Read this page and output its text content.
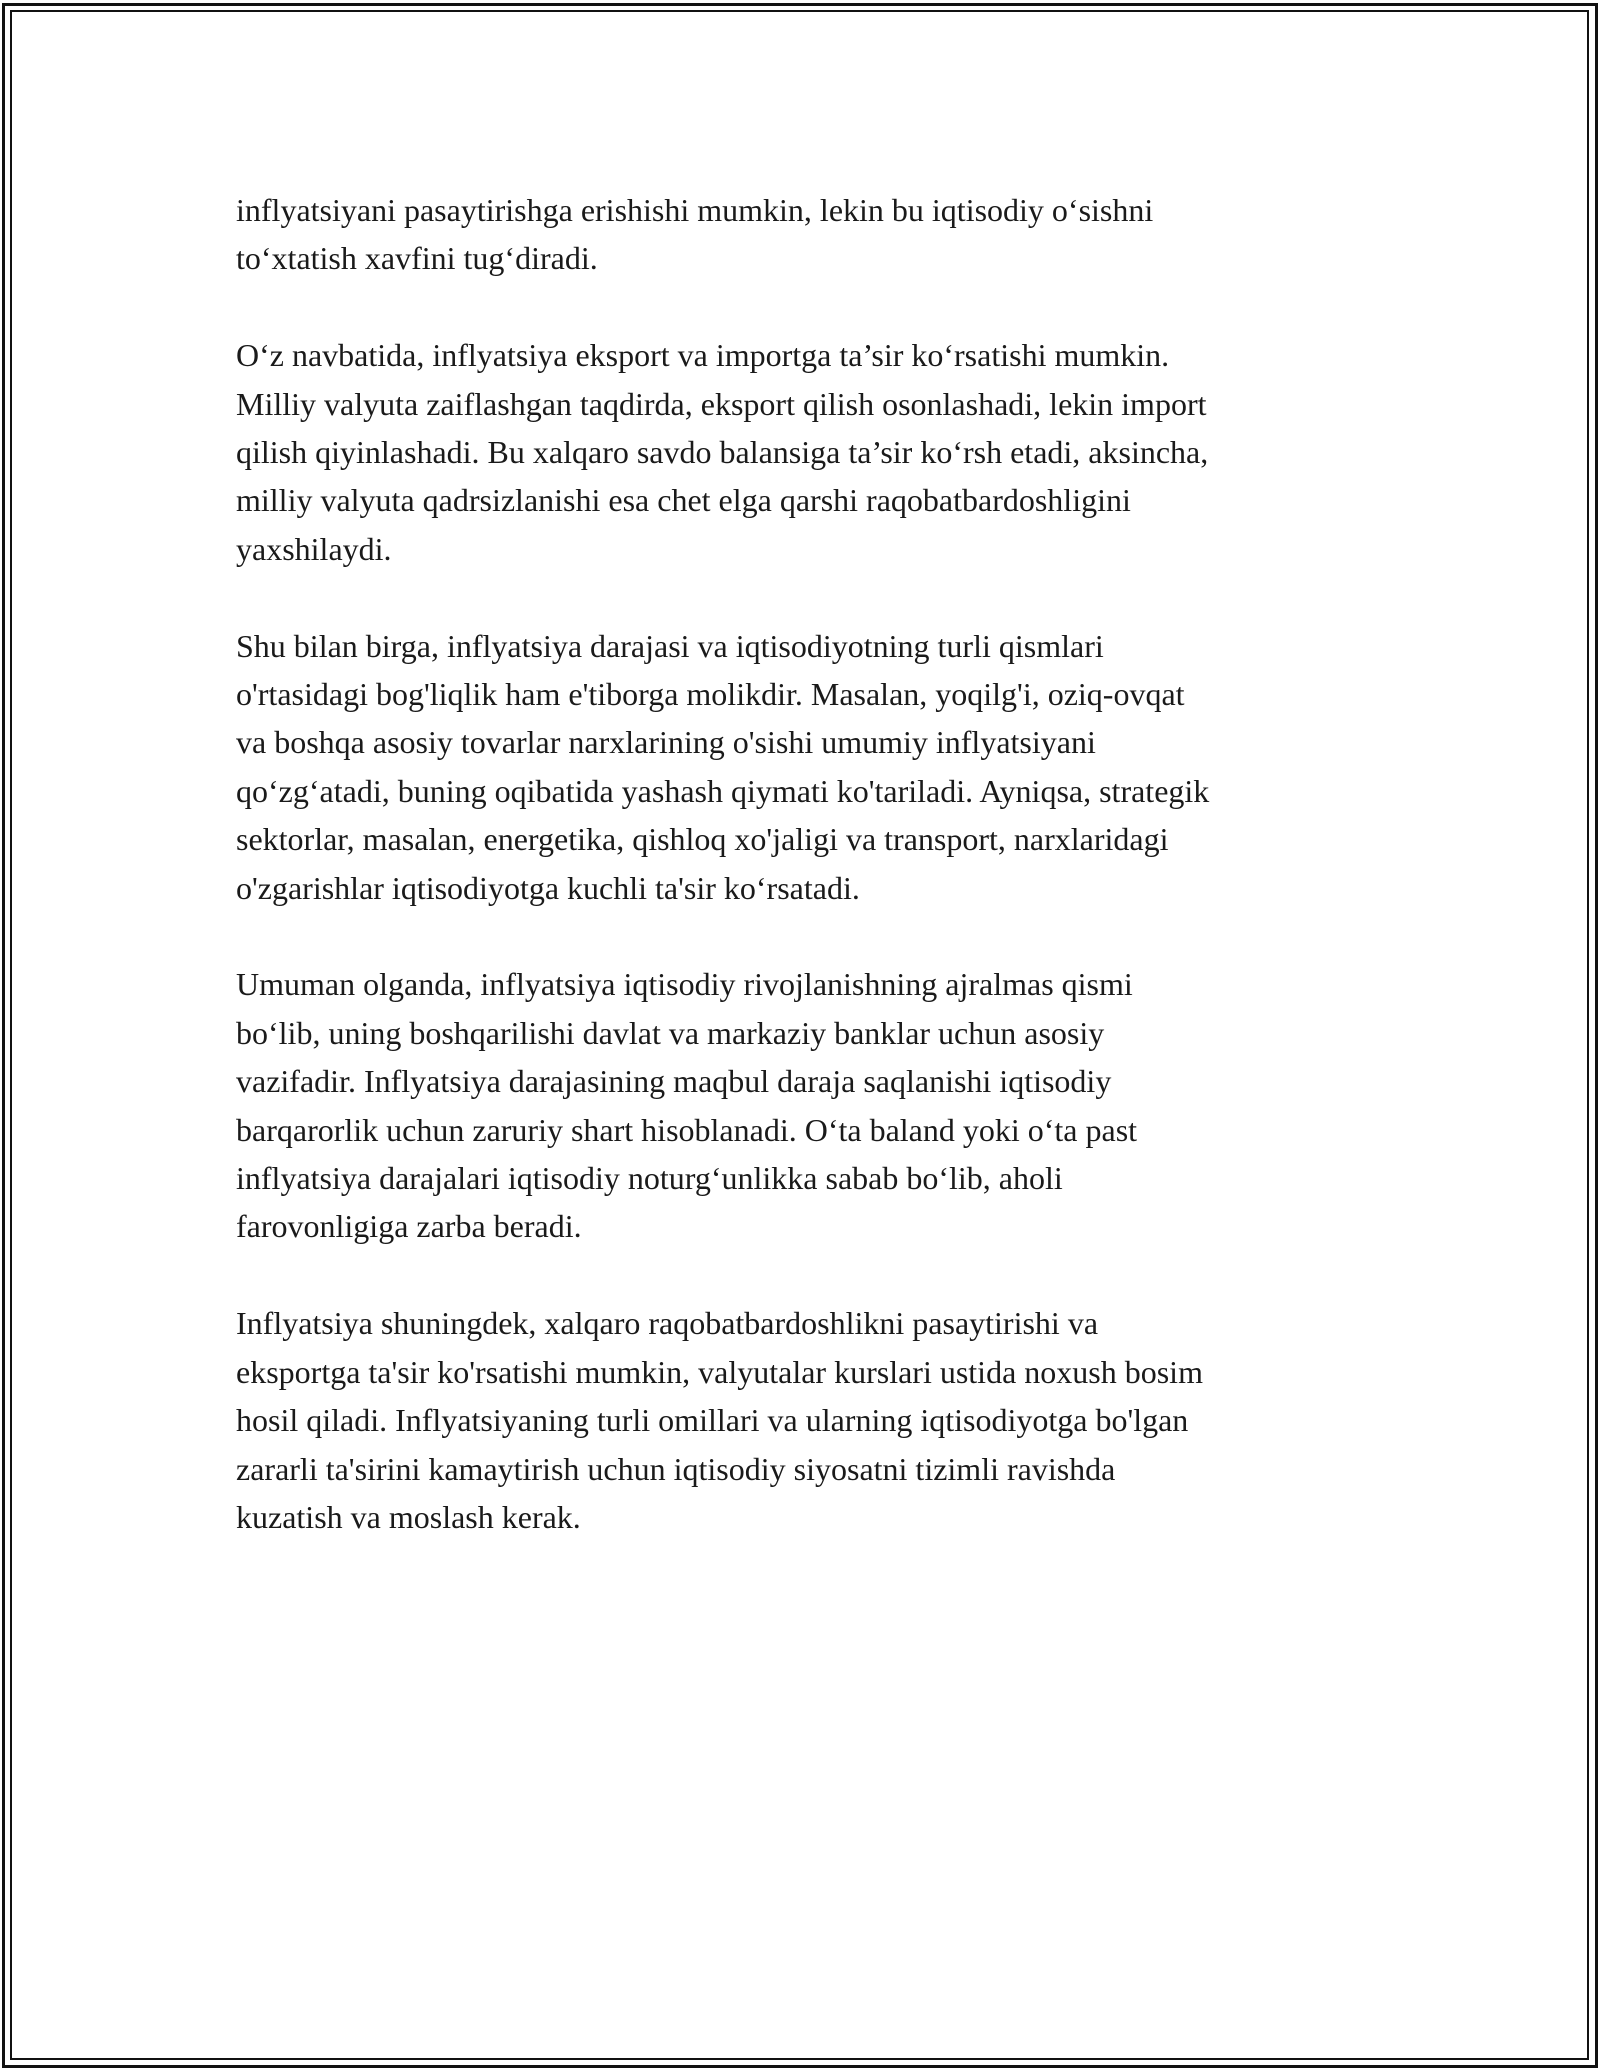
inflyatsiyani pasaytirishga erishishi mumkin, lekin bu iqtisodiy o‘sishni
to‘xtatish xavfini tug‘diradi.

O‘z navbatida, inflyatsiya eksport va importga ta’sir ko‘rsatishi mumkin.
Milliy valyuta zaiflashgan taqdirda, eksport qilish osonlashadi, lekin import
qilish qiyinlashadi. Bu xalqaro savdo balansiga ta’sir ko‘rsh etadi, aksincha,
milliy valyuta qadrsizlanishi esa chet elga qarshi raqobatbardoshligini
yaxshilaydi.

Shu bilan birga, inflyatsiya darajasi va iqtisodiyotning turli qismlari
o'rtasidagi bog'liqlik ham e'tiborga molikdir. Masalan, yoqilg'i, oziq-ovqat
va boshqa asosiy tovarlar narxlarining o'sishi umumiy inflyatsiyani
qo‘zg‘atadi, buning oqibatida yashash qiymati ko'tariladi. Ayniqsa, strategik
sektorlar, masalan, energetika, qishloq xo'jaligi va transport, narxlaridagi
o'zgarishlar iqtisodiyotga kuchli ta'sir ko‘rsatadi.

Umuman olganda, inflyatsiya iqtisodiy rivojlanishning ajralmas qismi
bo‘lib, uning boshqarilishi davlat va markaziy banklar uchun asosiy
vazifadir. Inflyatsiya darajasining maqbul daraja saqlanishi iqtisodiy
barqarorlik uchun zaruriy shart hisoblanadi. O‘ta baland yoki o‘ta past
inflyatsiya darajalari iqtisodiy noturg‘unlikka sabab bo‘lib, aholi
farovonligiga zarba beradi.

Inflyatsiya shuningdek, xalqaro raqobatbardoshlikni pasaytirishi va
eksportga ta'sir ko'rsatishi mumkin, valyutalar kurslari ustida noxush bosim
hosil qiladi. Inflyatsiyaning turli omillari va ularning iqtisodiyotga bo'lgan
zararli ta'sirini kamaytirish uchun iqtisodiy siyosatni tizimli ravishda
kuzatish va moslash kerak.
